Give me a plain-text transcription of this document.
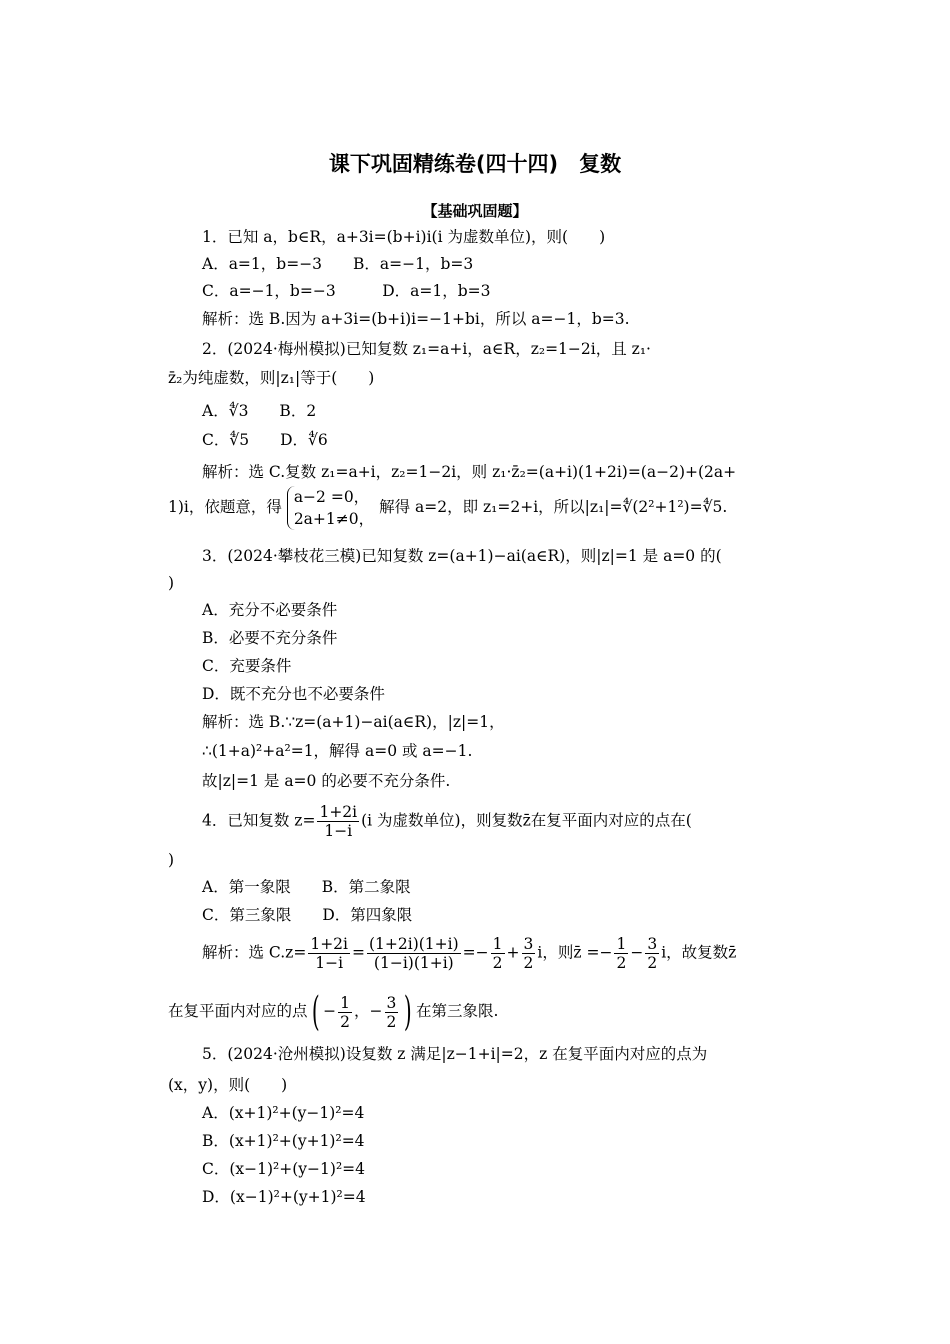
课下巩固精练卷(四十四)　复数
【基础巩固题】
1．已知 a，b∈R，a+3i=(b+i)i(i 为虚数单位)，则(　　)
A．a=1，b=−3　　B．a=−1，b=3
C．a=−1，b=−3　　　D．a=1，b=3
解析：选 B.因为 a+3i=(b+i)i=−1+bi，所以 a=−1，b=3.
2．(2024·梅州模拟)已知复数 z₁=a+i，a∈R，z₂=1−2i，且 z₁·
z̄₂为纯虚数，则|z₁|等于(　　)
A．∜3　　B．2
C．∜5　　D．∜6
解析：选 C.复数 z₁=a+i，z₂=1−2i，则 z₁·z̄₂=(a+i)(1+2i)=(a−2)+(2a+
3．(2024·攀枝花三模)已知复数 z=(a+1)−ai(a∈R)，则|z|=1 是 a=0 的(
)
A．充分不必要条件
B．必要不充分条件
C．充要条件
D．既不充分也不必要条件
解析：选 B.∵z=(a+1)−ai(a∈R)，|z|=1，
∴(1+a)²+a²=1，解得 a=0 或 a=−1.
故|z|=1 是 a=0 的必要不充分条件.
)
A．第一象限　　B．第二象限
C．第三象限　　D．第四象限
5．(2024·沧州模拟)设复数 z 满足|z−1+i|=2，z 在复平面内对应的点为
(x，y)，则(　　)
A．(x+1)²+(y−1)²=4
B．(x+1)²+(y+1)²=4
C．(x−1)²+(y−1)²=4
D．(x−1)²+(y+1)²=4
1)i，依题意，得
a−2 =0，
2a+1≠0，
解得 a=2，即 z₁=2+i，所以|z₁|=∜(2²+1²)=∜5.
4．已知复数 $z= \frac{1+2i}{1-i} (i$ 为虚数单位)，则复数z̄在复平面内对应的点在(
解析：选 $C.z= \frac{1+2i}{1-i} = \frac{(1+2i)(1+i)}{(1-i)(1+i)} =- \frac{1}{2} + \frac{3}{2}$ i，则z̄ =− $\frac{1}{2} - \frac{3}{2}$ i，故复数z̄
在复平面内对应的点( − $\frac{1}{2}$ ，− $\frac{3}{2}$ ) 在第三象限.
